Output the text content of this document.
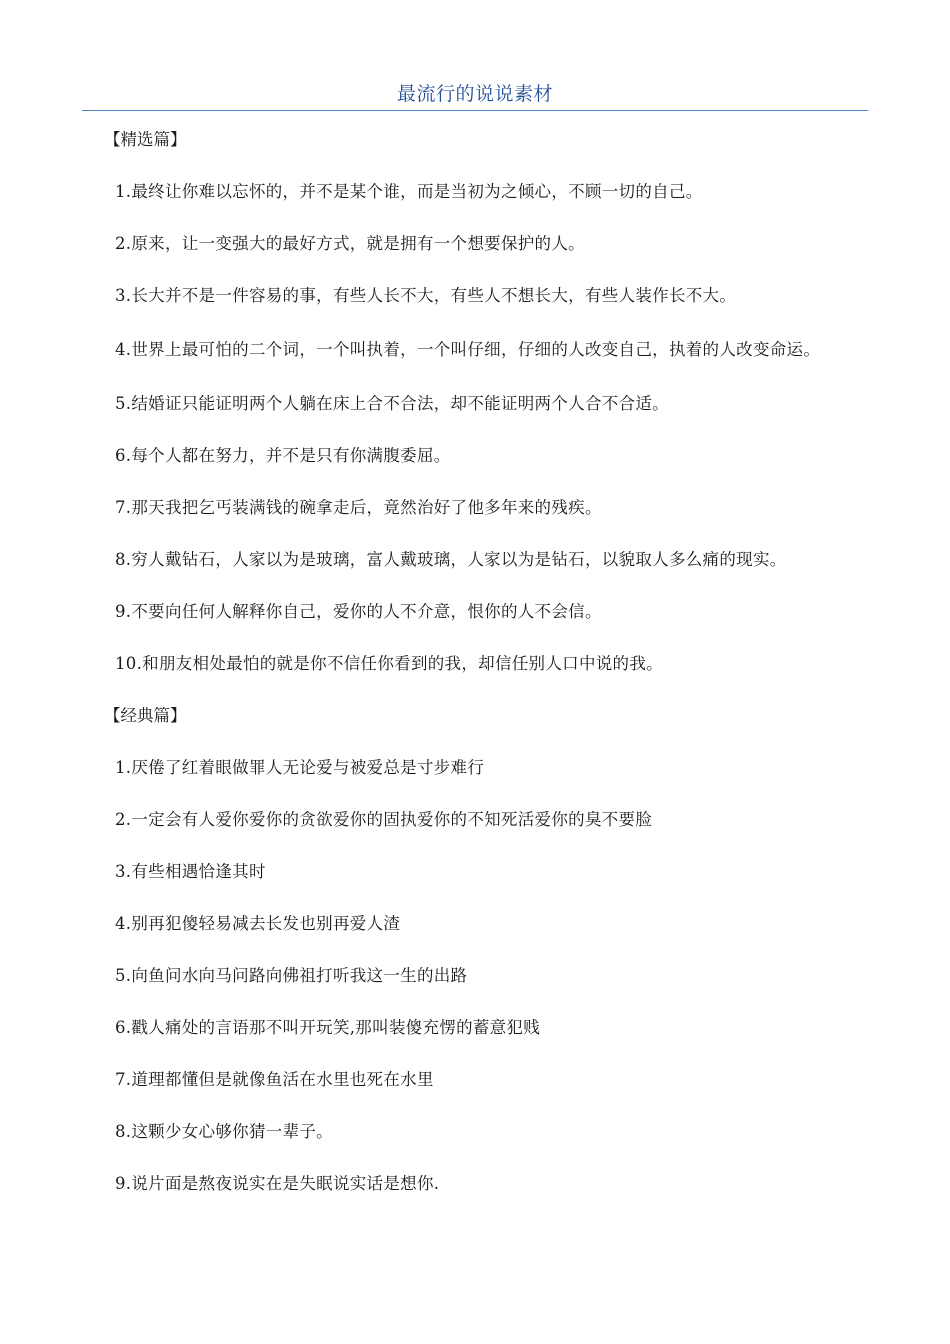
最流行的说说素材
【精选篇】

1.最终让你难以忘怀的，并不是某个谁，而是当初为之倾心，不顾一切的自己。

2.原来，让一变强大的最好方式，就是拥有一个想要保护的人。

3.长大并不是一件容易的事，有些人长不大，有些人不想长大，有些人装作长不大。

4.世界上最可怕的二个词，一个叫执着，一个叫仔细，仔细的人改变自己，执着的人改变命运。

5.结婚证只能证明两个人躺在床上合不合法，却不能证明两个人合不合适。

6.每个人都在努力，并不是只有你满腹委屈。

7.那天我把乞丐装满钱的碗拿走后，竟然治好了他多年来的残疾。

8.穷人戴钻石，人家以为是玻璃，富人戴玻璃，人家以为是钻石，以貌取人多么痛的现实。

9.不要向任何人解释你自己，爱你的人不介意，恨你的人不会信。

10.和朋友相处最怕的就是你不信任你看到的我，却信任别人口中说的我。

【经典篇】

1.厌倦了红着眼做罪人无论爱与被爱总是寸步难行

2.一定会有人爱你爱你的贪欲爱你的固执爱你的不知死活爱你的臭不要脸

3.有些相遇恰逢其时

4.别再犯傻轻易减去长发也别再爱人渣

5.向鱼问水向马问路向佛祖打听我这一生的出路

6.戳人痛处的言语那不叫开玩笑,那叫装傻充愣的蓄意犯贱

7.道理都懂但是就像鱼活在水里也死在水里

8.这颗少女心够你猜一辈子。

9.说片面是熬夜说实在是失眠说实话是想你.
